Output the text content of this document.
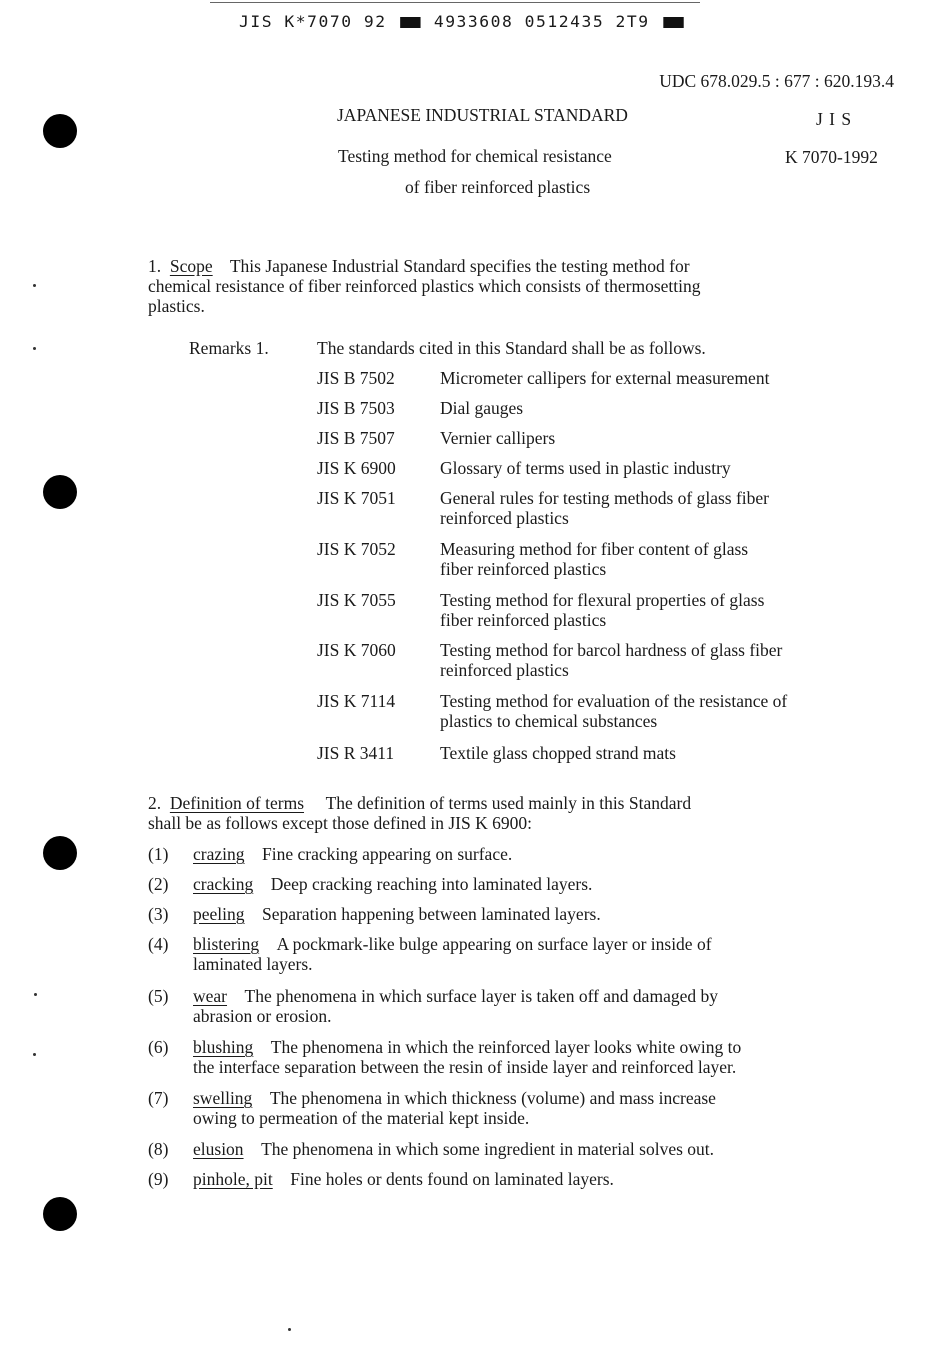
JIS K*7070 92	4933608 0512435 2T9
UDC 678.029.5 : 677 : 620.193.4
JAPANESE INDUSTRIAL STANDARD	J I S
Testing method for chemical resistance	K 7070-1992
of fiber reinforced plastics
1. Scope This Japanese Industrial Standard specifies the testing method for
chemical resistance of fiber reinforced plastics which consists of thermosetting
plastics.
Remarks 1.	The standards cited in this Standard shall be as follows.
JIS B 7502	Micrometer callipers for external measurement
JIS B 7503	Dial gauges
JIS B 7507	Vernier callipers
JIS K 6900	Glossary of terms used in plastic industry
JIS K 7051	General rules for testing methods of glass fiber
reinforced plastics
JIS K 7052	Measuring method for fiber content of glass
fiber reinforced plastics
JIS K 7055	Testing method for flexural properties of glass
fiber reinforced plastics
JIS K 7060	Testing method for barcol hardness of glass fiber
reinforced plastics
JIS K 7114	Testing method for evaluation of the resistance of
plastics to chemical substances
JIS R 3411	Textile glass chopped strand mats
2. Definition of terms The definition of terms used mainly in this Standard
shall be as follows except those defined in JIS K 6900:
(1) crazing Fine cracking appearing on surface.
(2) cracking Deep cracking reaching into laminated layers.
(3) peeling Separation happening between laminated layers.
(4) blistering A pockmark-like bulge appearing on surface layer or inside of
laminated layers.
(5) wear The phenomena in which surface layer is taken off and damaged by
abrasion or erosion.
(6) blushing The phenomena in which the reinforced layer looks white owing to
the interface separation between the resin of inside layer and reinforced layer.
(7) swelling The phenomena in which thickness (volume) and mass increase
owing to permeation of the material kept inside.
(8) elusion The phenomena in which some ingredient in material solves out.
(9) pinhole, pit Fine holes or dents found on laminated layers.
